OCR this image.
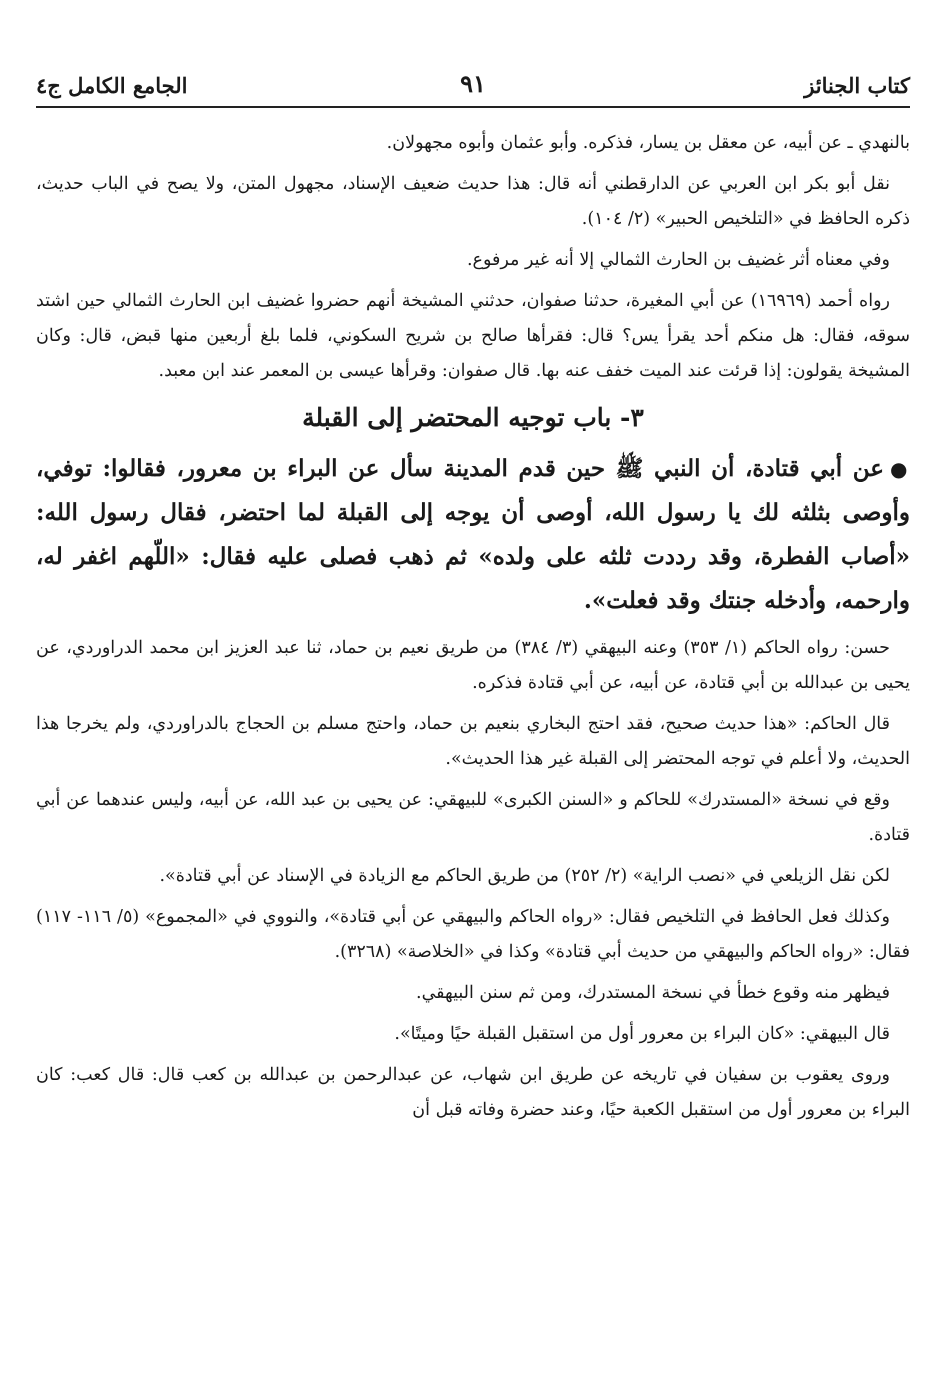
كتاب الجنائز
٩١
الجامع الكامل ج٤

بالنهدي ـ عن أبيه، عن معقل بن يسار، فذكره. وأبو عثمان وأبوه مجهولان.

نقل أبو بكر ابن العربي عن الدارقطني أنه قال: هذا حديث ضعيف الإسناد، مجهول المتن، ولا يصح في الباب حديث، ذكره الحافظ في «التلخيص الحبير» (٢/ ١٠٤).

وفي معناه أثر غضيف بن الحارث الثمالي إلا أنه غير مرفوع.

رواه أحمد (١٦٩٦٩) عن أبي المغيرة، حدثنا صفوان، حدثني المشيخة أنهم حضروا غضيف ابن الحارث الثمالي حين اشتد سوقه، فقال: هل منكم أحد يقرأ يس؟ قال: فقرأها صالح بن شريح السكوني، فلما بلغ أربعين منها قبض، قال: وكان المشيخة يقولون: إذا قرئت عند الميت خفف عنه بها. قال صفوان: وقرأها عيسى بن المعمر عند ابن معبد.

٣- باب توجيه المحتضر إلى القبلة

●عن أبي قتادة، أن النبي ﷺ حين قدم المدينة سأل عن البراء بن معرور، فقالوا: توفي، وأوصى بثلثه لك يا رسول الله، أوصى أن يوجه إلى القبلة لما احتضر، فقال رسول الله: «أصاب الفطرة، وقد رددت ثلثه على ولده» ثم ذهب فصلى عليه فقال: «اللّهم اغفر له، وارحمه، وأدخله جنتك وقد فعلت».

حسن: رواه الحاكم (١/ ٣٥٣) وعنه البيهقي (٣/ ٣٨٤) من طريق نعيم بن حماد، ثنا عبد العزيز ابن محمد الدراوردي، عن يحيى بن عبدالله بن أبي قتادة، عن أبيه، عن أبي قتادة فذكره.

قال الحاكم: «هذا حديث صحيح، فقد احتج البخاري بنعيم بن حماد، واحتج مسلم بن الحجاج بالدراوردي، ولم يخرجا هذا الحديث، ولا أعلم في توجه المحتضر إلى القبلة غير هذا الحديث».

وقع في نسخة «المستدرك» للحاكم و «السنن الكبرى» للبيهقي: عن يحيى بن عبد الله، عن أبيه، وليس عندهما عن أبي قتادة.

لكن نقل الزيلعي في «نصب الراية» (٢/ ٢٥٢) من طريق الحاكم مع الزيادة في الإسناد عن أبي قتادة».

وكذلك فعل الحافظ في التلخيص فقال: «رواه الحاكم والبيهقي عن أبي قتادة»، والنووي في «المجموع» (٥/ ١١٦- ١١٧) فقال: «رواه الحاكم والبيهقي من حديث أبي قتادة» وكذا في «الخلاصة» (٣٢٦٨).

فيظهر منه وقوع خطأ في نسخة المستدرك، ومن ثم سنن البيهقي.

قال البيهقي: «كان البراء بن معرور أول من استقبل القبلة حيًا وميتًا».

وروى يعقوب بن سفيان في تاريخه عن طريق ابن شهاب، عن عبدالرحمن بن عبدالله بن كعب قال: قال كعب: كان البراء بن معرور أول من استقبل الكعبة حيًا، وعند حضرة وفاته قبل أن
